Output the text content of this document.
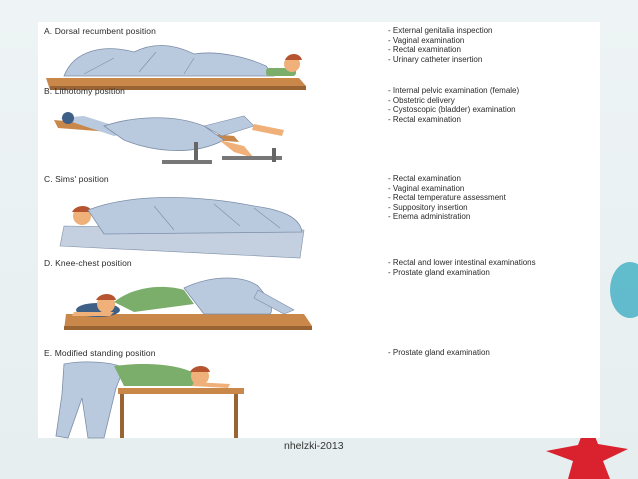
A. Dorsal recumbent position	- External genitalia inspection
- Vaginal examination
- Rectal examination
- Urinary catheter insertion
B. Lithotomy position	- Internal pelvic examination (female)
- Obstetric delivery
- Cystoscopic (bladder) examination
- Rectal examination
C. Sims' position	- Rectal examination
- Vaginal examination
- Rectal temperature assessment
- Suppository insertion
- Enema administration
D. Knee-chest position	- Rectal and lower intestinal examinations
- Prostate gland examination
E. Modified standing position	- Prostate gland examination
nhelzki-2013
